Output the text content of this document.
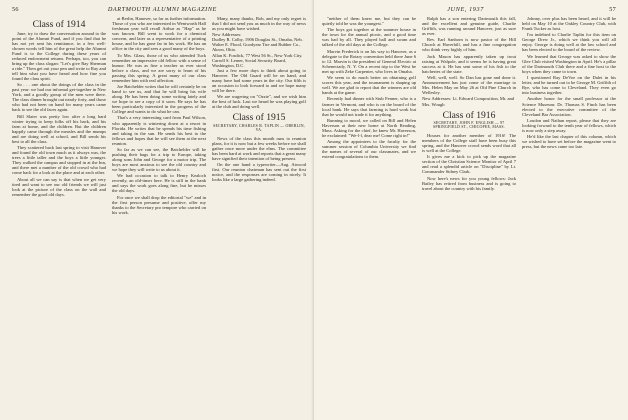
56	DARTMOUTH ALUMNI MAGAZINE
Class of 1914

June, try to draw the conversation around to the point of the Alumni Fund, and if you find that he has not yet sent his remittance, in a few well-chosen words tell him of the great help the Alumni Fund is to the College during these years of reduced endowment returns. Perhaps, too, you can bring up the class slogan: "Let's give Ray Sherman a ride." Then get out your pen and write to Ray and tell him what you have heard and how fine you found the class spirit.

So . . . one about the doings of the class in the past year: we had our informal get-together in New York, and a goodly group of the men were there. The class dinner brought out nearly forty, and those who had not been on hand for many years came back to see the old faces again.

Bill Slater was pretty low after a long hard winter trying to keep folks off his back, and his farm at home, and the children. But the children happily came through the measles and the mumps and are doing well at school, and Bill sends his best to all the class.

They scattered back last spring to visit Hanover and found the old town much as it always was, the trees a little taller and the boys a little younger. They walked the campus and stopped in at the Inn, and there met a number of the old crowd who had come back for a look at the place and at each other.

About all we can say is that when we get very tired and want to see our old friends we will just look at the picture of the class on the wall and remember the good old days.

at Berlin, Hanover, so far as further information. Those of you who are interested in Wentworth Hall freshman year will recall Arthur as "Hap" as he was known. Bill went to work for a chemical concern, and later as a representative of a printing house, and he has gone far in his work. He has an office in the city and sees a good many of the boys.

To Mrs. Glass, those of us who attended Tuck remember an impressive old fellow with a sense of humor. He was as fine a teacher as ever stood before a class, and we are sorry to learn of his passing this spring. A great many of our class remember him with real affection.

Joe Batchelder writes that he will certainly be on hand to see us, and that he will bring his wife along. He has been doing some writing lately and we hope to see a copy of it soon. He says he has been particularly interested in the progress of the College and wants to do what he can.

That's a very interesting card from Paul Wilson, who apparently is wintering down at a resort in Florida. He writes that he spends his time fishing and taking in the sun. He sends his best to the fellows and hopes that he will see them at the next reunion.

So far as we can see, the Batchelder will be pushing their bags for a trip to Europe, taking along sons John and George for a motor trip. The boys are most anxious to see the old country and we hope they will write to us about it.

We had occasion to talk to Henry Kealoch recently, an old-timer here. He is still in the bank and says the work goes along fine, but he misses the old days.

For once we shall drop the editorial "we" and in the first person presume and positive, offer my thanks to the Secretary pro tempore who carried on his work.

Many, many thanks, Bob, and my only regret is that I did not send you as much in the way of news as you might have wished.

New Addresses:

Dudley R. Colby, 1906 Douglas St., Omaha, Neb.

Walter E. Flood, Goodyear Tire and Rubber Co., Akron, Ohio.

Allan K. Fosdick, 77 West 56 St., New York City.

Carroll S. Lerner, Social Security Board, Washington, D.C.

Just a few more days to think about going to Hanover. The Old Guard will be on hand, and many have had some years in the city. Our fifth is an occasion to look forward to and we hope many will be there.

We are wagering on "Ozzie", and we wish him the best of luck. Last we heard he was playing golf at the club and doing well.

Class of 1915
SECRETARY, CHARLES R. TAPLIN — OBERLIN, VA.

News of the class this month runs to reunion plans, for it is now but a few weeks before we shall gather once more under the elms. The committee has been hard at work and reports that a great many have signified their intention of being present.

On the one hand a typewriter—Aug. Atwood first. Our reunion chairman has sent out the first notice, and the responses are coming in nicely. It looks like a large gathering indeed.

JUNE, 1937	57

"neither of them knew me, but they can be quietly told he was the youngest."

The boys got together at the summer house in the town for the annual picnic, and a good time was had by all. They played ball and swam and talked of the old days at the College.

Marvin Frederick is on his way to Hanover, as a delegate to the Rotary convention held there June 6 to 12. Marvin is the president of General Electric at Schenectady, N. Y. On a recent trip to the West he met up with Zeke Carpenter, who lives in Omaha.

We seem to do much better on obtaining golf scores this year, and the tournament is shaping up well. We are glad to report that the winners are old hands at the game.

Recently had dinner with Stub Fenner, who is a farmer in Vermont, and who is on the board of the local bank. He says that farming is hard work but that he would not trade it for anything.

Running to mood, we called on Bill and Helen Haverson at their new home at North Reading, Mass. Asking for the chief, he knew Mr. Haverson, he exclaimed: "We-l-l, dear me! Come right in!"

Among the appointees to the faculty for the summer session of Columbia University we find the names of several of our classmates, and we extend congratulations to them.

Ralph has a son entering Dartmouth this fall, and the excellent and genuine guide, Charlie Griffith, was running around Hanover, just as sure as ever.

Rev. Earl Sanborn is now pastor of the Hill Church at Haverhill, and has a fine congregation who think very highly of him.

Jack Mason has apparently taken up trout raising at Walpole, and it seems he is having great success at it. He has sent some of his fish to the hatcheries of the state.

Well, well, well. So Dan has gone and done it. Announcement has just come of the marriage to Mrs. Helen May on May 26 at Old Pine Church in Wellesley.

New Addresses: Lt. Edward Composition, Mr. and Mrs. Wough

Class of 1916
SECRETARY, JOHN F. ENGLISH — 97 SPRINGFIELD ST., CHICOPEE, MASS.

Houses for another member of 1916! The members of the College staff have been busy this spring, and the Hanover crowd sends word that all is well at the College.

It gives me a kick to pick up the magazine section of the Christian Science Monitor of April 7 and read a splendid article on "Discipline" by Lt. Commander Sidney Clark.

Now here's news for you young fellows: Jack Bailey has retired from business and is going to travel about the country with his family.

Johnny, over plus has been heard, and it will be held on May 10 at the Oakley Country Club, with Frank Tucker as host.

I'm indebted to Charlie Taplin for this item on George Drew Jr., which we think you will all enjoy. George is doing well at the law school and has been elected to the board of the review.

We learned that George was asked to show the Glee Club visited Washington in April. He's a pillar of the Dartmouth Club there and a fine host to the boys when they came to town.

I questioned Ray DeVoe on the Dalet in his letter, and he turned out to be George M. Griffith of Rye, who has come to Cleveland. They even go into business together.

Another honor for the small professor at the Science Museum: Dr. Thomas S. Finch has been elected to the executive committee of the Cleveland Bar Association.

Loudon and Nathan report, please that they are looking forward to the tenth year of fellows, which is now only a step away.

He'd like the last chapter of this column, which we wished to have set before the magazine went to press, but the news came too late.
